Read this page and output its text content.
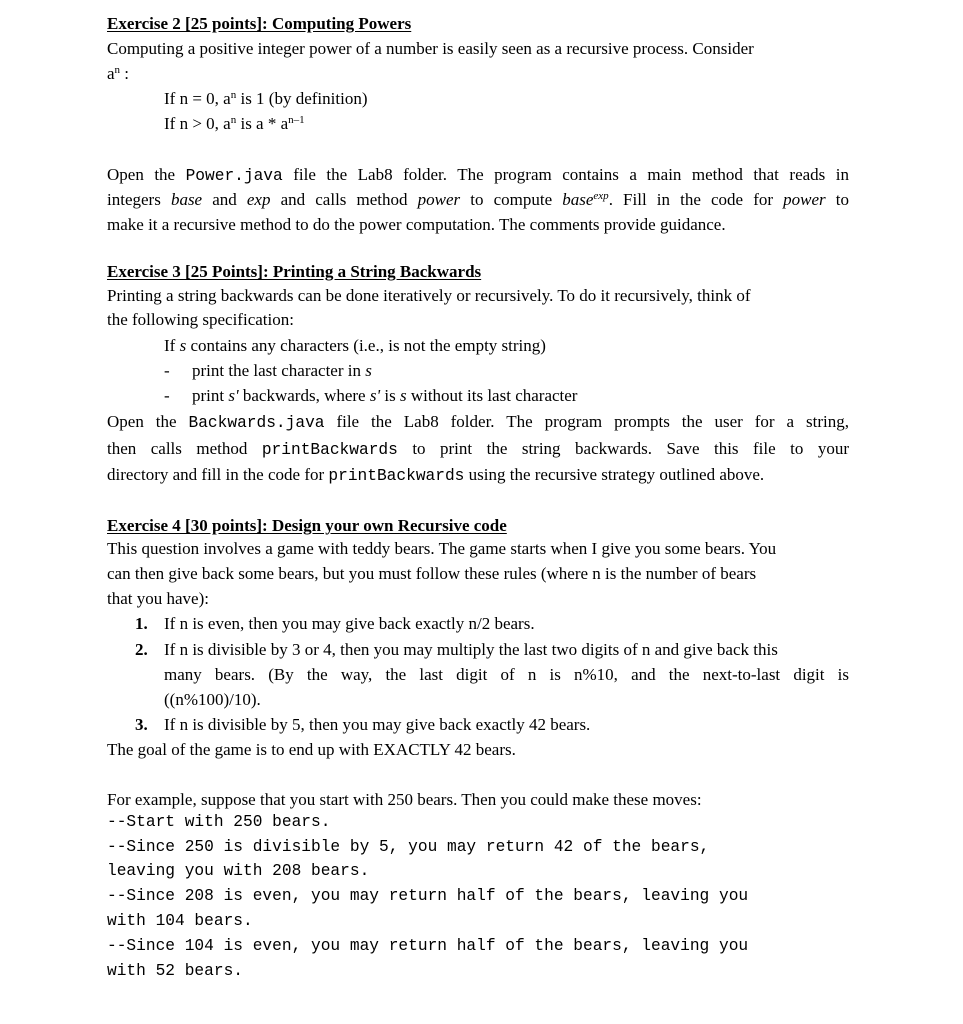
Exercise 2 [25 points]: Computing Powers
Computing a positive integer power of a number is easily seen as a recursive process. Consider
$a^n$ :
If n = 0, $a^n$ is 1 (by definition)
If n > 0, $a^n$ is a * $a^{n-1}$
Open the Power.java file the Lab8 folder. The program contains a main method that reads in
integers base and exp and calls method power to compute base$^{exp}$. Fill in the code for power to
make it a recursive method to do the power computation. The comments provide guidance.
Exercise 3 [25 Points]: Printing a String Backwards
Printing a string backwards can be done iteratively or recursively. To do it recursively, think of
the following specification:
If s contains any characters (i.e., is not the empty string)
- print the last character in s
- print s' backwards, where s' is s without its last character
Open the Backwards.java file the Lab8 folder. The program prompts the user for a string,
then calls method printBackwards to print the string backwards. Save this file to your
directory and fill in the code for printBackwards using the recursive strategy outlined above.
Exercise 4 [30 points]: Design your own Recursive code
This question involves a game with teddy bears. The game starts when I give you some bears. You
can then give back some bears, but you must follow these rules (where n is the number of bears
that you have):
1. If n is even, then you may give back exactly n/2 bears.
2. If n is divisible by 3 or 4, then you may multiply the last two digits of n and give back this
many bears. (By the way, the last digit of n is n%10, and the next-to-last digit is
((n%100)/10).
3. If n is divisible by 5, then you may give back exactly 42 bears.
The goal of the game is to end up with EXACTLY 42 bears.
For example, suppose that you start with 250 bears. Then you could make these moves:
--Start with 250 bears.
--Since 250 is divisible by 5, you may return 42 of the bears,
leaving you with 208 bears.
--Since 208 is even, you may return half of the bears, leaving you
with 104 bears.
--Since 104 is even, you may return half of the bears, leaving you
with 52 bears.
